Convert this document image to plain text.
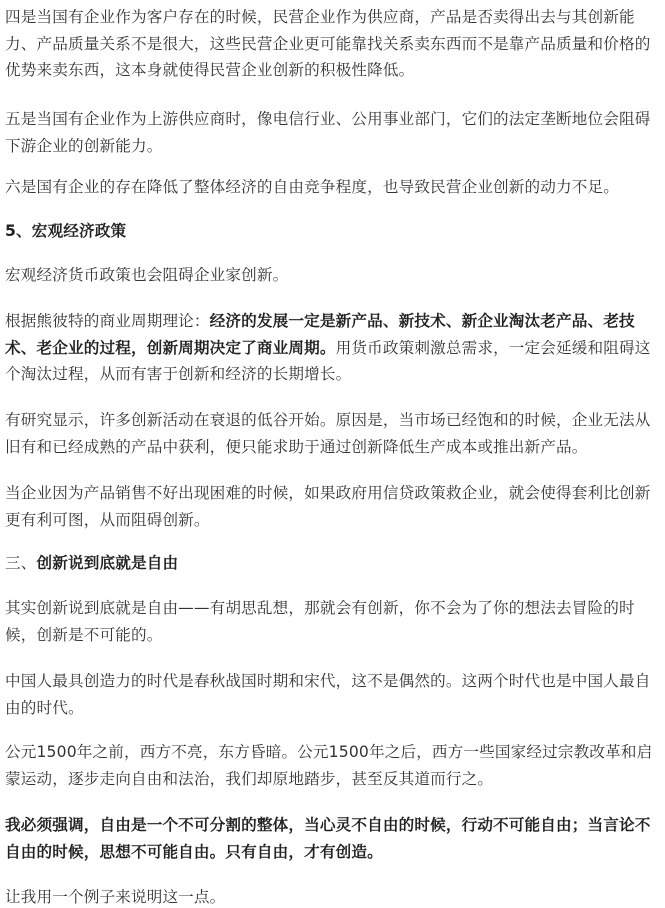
四是当国有企业作为客户存在的时候，民营企业作为供应商，产品是否卖得出去与其创新能力、产品质量关系不是很大，这些民营企业更可能靠找关系卖东西而不是靠产品质量和价格的优势来卖东西，这本身就使得民营企业创新的积极性降低。

五是当国有企业作为上游供应商时，像电信行业、公用事业部门，它们的法定垄断地位会阻碍下游企业的创新能力。

六是国有企业的存在降低了整体经济的自由竞争程度，也导致民营企业创新的动力不足。

5、宏观经济政策

宏观经济货币政策也会阻碍企业家创新。

根据熊彼特的商业周期理论：经济的发展一定是新产品、新技术、新企业淘汰老产品、老技术、老企业的过程，创新周期决定了商业周期。用货币政策刺激总需求，一定会延缓和阻碍这个淘汰过程，从而有害于创新和经济的长期增长。

有研究显示，许多创新活动在衰退的低谷开始。原因是，当市场已经饱和的时候，企业无法从旧有和已经成熟的产品中获利，便只能求助于通过创新降低生产成本或推出新产品。

当企业因为产品销售不好出现困难的时候，如果政府用信贷政策救企业，就会使得套利比创新更有利可图，从而阻碍创新。

三、创新说到底就是自由

其实创新说到底就是自由——有胡思乱想，那就会有创新，你不会为了你的想法去冒险的时候，创新是不可能的。

中国人最具创造力的时代是春秋战国时期和宋代，这不是偶然的。这两个时代也是中国人最自由的时代。

公元1500年之前，西方不亮，东方昏暗。公元1500年之后，西方一些国家经过宗教改革和启蒙运动，逐步走向自由和法治，我们却原地踏步，甚至反其道而行之。

我必须强调，自由是一个不可分割的整体，当心灵不自由的时候，行动不可能自由；当言论不自由的时候，思想不可能自由。只有自由，才有创造。

让我用一个例子来说明这一点。
